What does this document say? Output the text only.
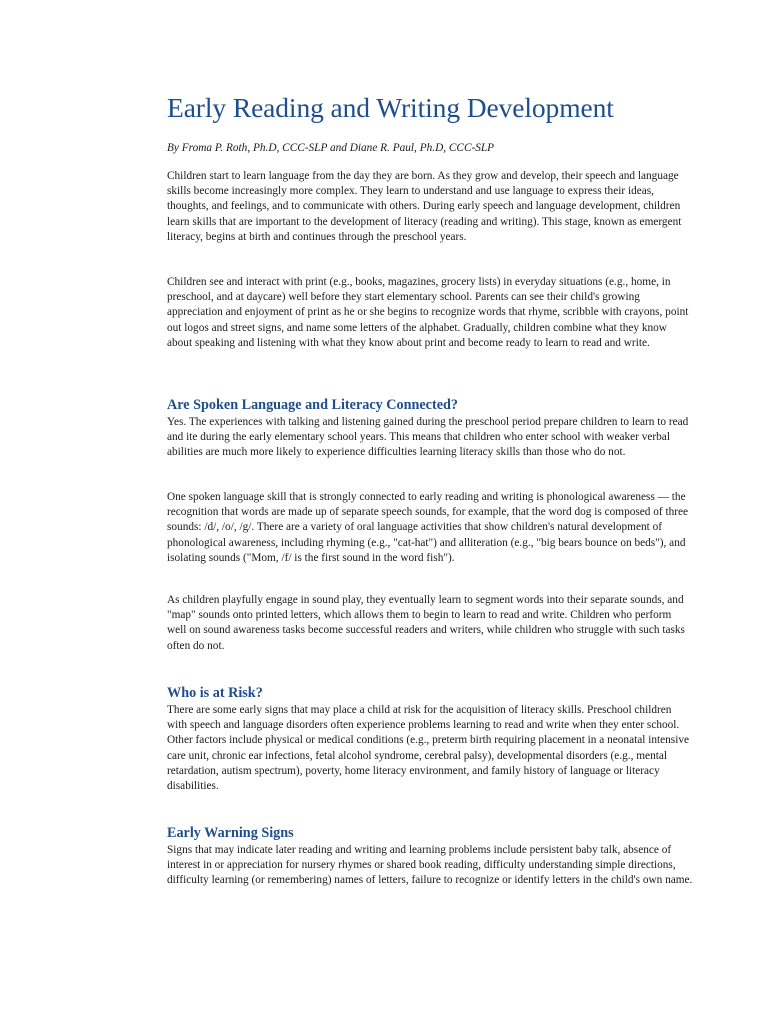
Early Reading and Writing Development

By Froma P. Roth, Ph.D, CCC-SLP and Diane R. Paul, Ph.D, CCC-SLP

Children start to learn language from the day they are born. As they grow and develop, their speech and language skills become increasingly more complex. They learn to understand and use language to express their ideas, thoughts, and feelings, and to communicate with others. During early speech and language development, children learn skills that are important to the development of literacy (reading and writing). This stage, known as emergent literacy, begins at birth and continues through the preschool years.

Children see and interact with print (e.g., books, magazines, grocery lists) in everyday situations (e.g., home, in preschool, and at daycare) well before they start elementary school. Parents can see their child's growing appreciation and enjoyment of print as he or she begins to recognize words that rhyme, scribble with crayons, point out logos and street signs, and name some letters of the alphabet. Gradually, children combine what they know about speaking and listening with what they know about print and become ready to learn to read and write.

Are Spoken Language and Literacy Connected?

Yes. The experiences with talking and listening gained during the preschool period prepare children to learn to read and ite during the early elementary school years. This means that children who enter school with weaker verbal abilities are much more likely to experience difficulties learning literacy skills than those who do not.

One spoken language skill that is strongly connected to early reading and writing is phonological awareness — the recognition that words are made up of separate speech sounds, for example, that the word dog is composed of three sounds: /d/, /o/, /g/. There are a variety of oral language activities that show children's natural development of phonological awareness, including rhyming (e.g., "cat-hat") and alliteration (e.g., "big bears bounce on beds"), and isolating sounds ("Mom, /f/ is the first sound in the word fish").

As children playfully engage in sound play, they eventually learn to segment words into their separate sounds, and "map" sounds onto printed letters, which allows them to begin to learn to read and write. Children who perform well on sound awareness tasks become successful readers and writers, while children who struggle with such tasks often do not.

Who is at Risk?

There are some early signs that may place a child at risk for the acquisition of literacy skills. Preschool children with speech and language disorders often experience problems learning to read and write when they enter school. Other factors include physical or medical conditions (e.g., preterm birth requiring placement in a neonatal intensive care unit, chronic ear infections, fetal alcohol syndrome, cerebral palsy), developmental disorders (e.g., mental retardation, autism spectrum), poverty, home literacy environment, and family history of language or literacy disabilities.

Early Warning Signs

Signs that may indicate later reading and writing and learning problems include persistent baby talk, absence of interest in or appreciation for nursery rhymes or shared book reading, difficulty understanding simple directions, difficulty learning (or remembering) names of letters, failure to recognize or identify letters in the child's own name.
